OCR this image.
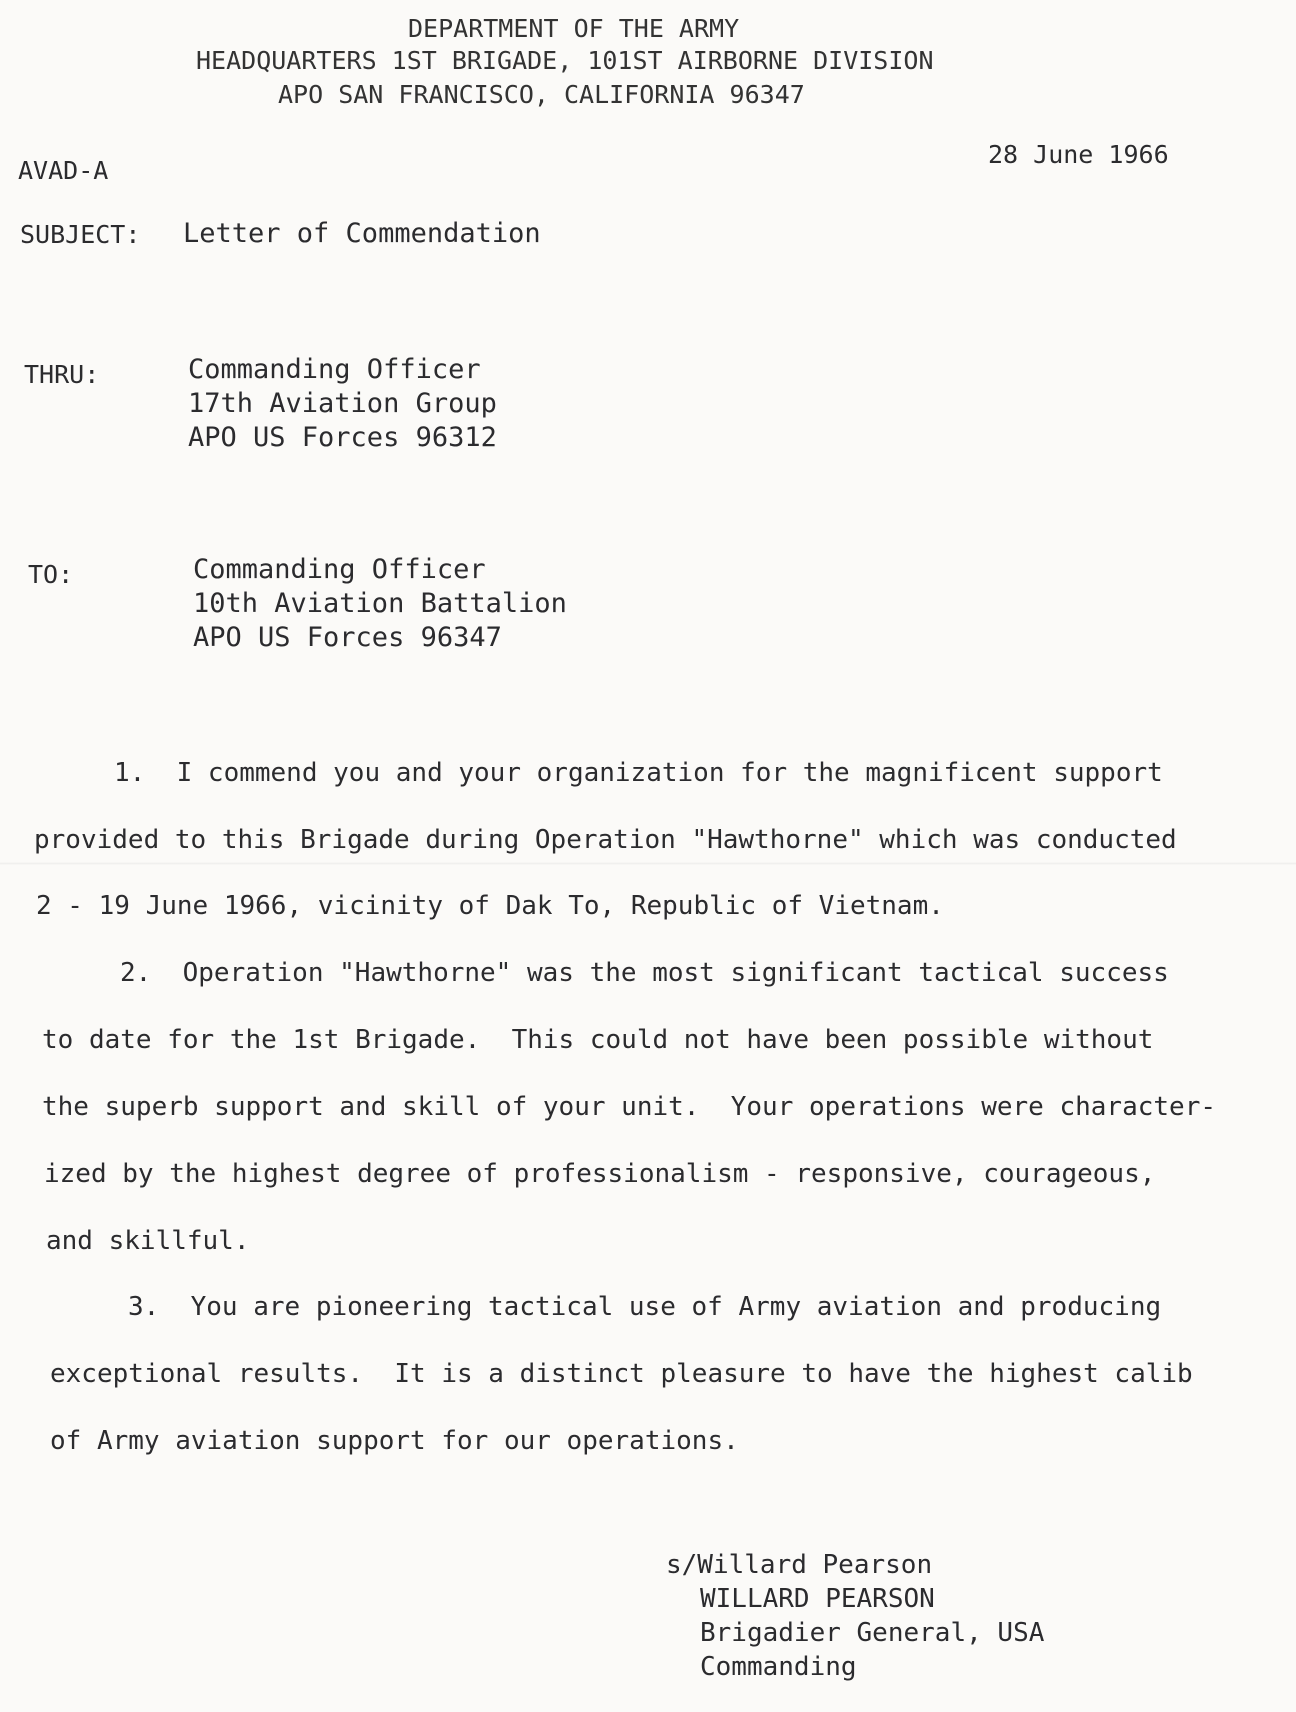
DEPARTMENT OF THE ARMY
HEADQUARTERS 1ST BRIGADE, 101ST AIRBORNE DIVISION
APO SAN FRANCISCO, CALIFORNIA 96347
AVAD-A
28 June 1966
SUBJECT: Letter of Commendation
THRU:	Commanding Officer
17th Aviation Group
APO US Forces 96312
TO:	Commanding Officer
10th Aviation Battalion
APO US Forces 96347
1.  I commend you and your organization for the magnificent support
provided to this Brigade during Operation "Hawthorne" which was conducted
2 - 19 June 1966, vicinity of Dak To, Republic of Vietnam.
2.  Operation "Hawthorne" was the most significant tactical success
to date for the 1st Brigade.  This could not have been possible without
the superb support and skill of your unit.  Your operations were character-
ized by the highest degree of professionalism - responsive, courageous,
and skillful.
3.  You are pioneering tactical use of Army aviation and producing
exceptional results.  It is a distinct pleasure to have the highest calib
of Army aviation support for our operations.
s/Willard Pearson
WILLARD PEARSON
Brigadier General, USA
Commanding
